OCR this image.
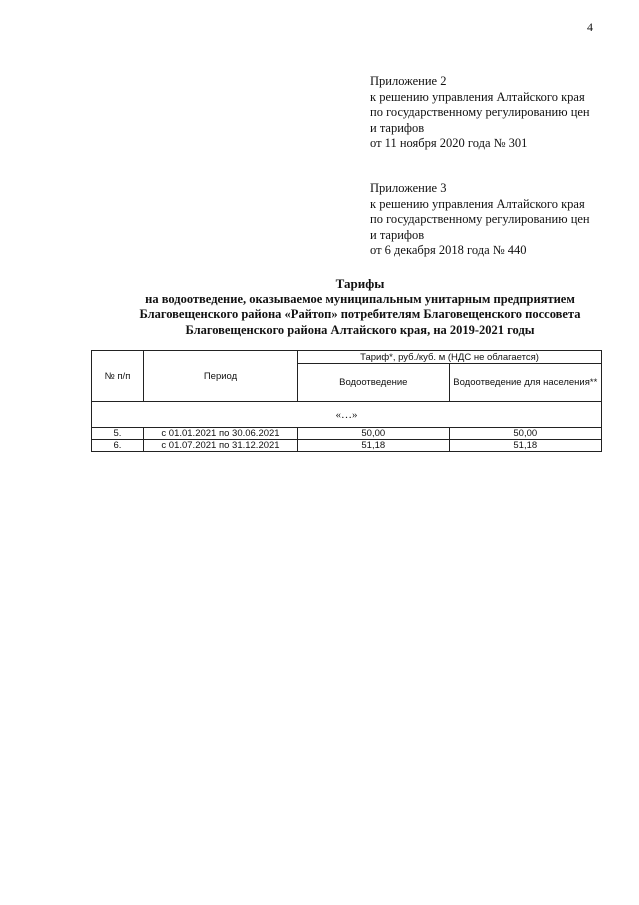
4
Приложение 2
к решению управления Алтайского края
по государственному регулированию цен
и тарифов
от 11 ноября 2020 года № 301
Приложение 3
к решению управления Алтайского края
по государственному регулированию цен
и тарифов
от 6 декабря 2018 года № 440
Тарифы
на водоотведение, оказываемое муниципальным унитарным предприятием
Благовещенского района «Райтоп» потребителям Благовещенского поссовета
Благовещенского района Алтайского края, на 2019-2021 годы
№ п/п	Период	Тариф*, руб./куб. м (НДС не облагается)	
		Водоотведение	Водоотведение для населения**
«…»			
5.	с 01.01.2021 по 30.06.2021	50,00	50,00
6.	с 01.07.2021 по 31.12.2021	51,18	51,18
